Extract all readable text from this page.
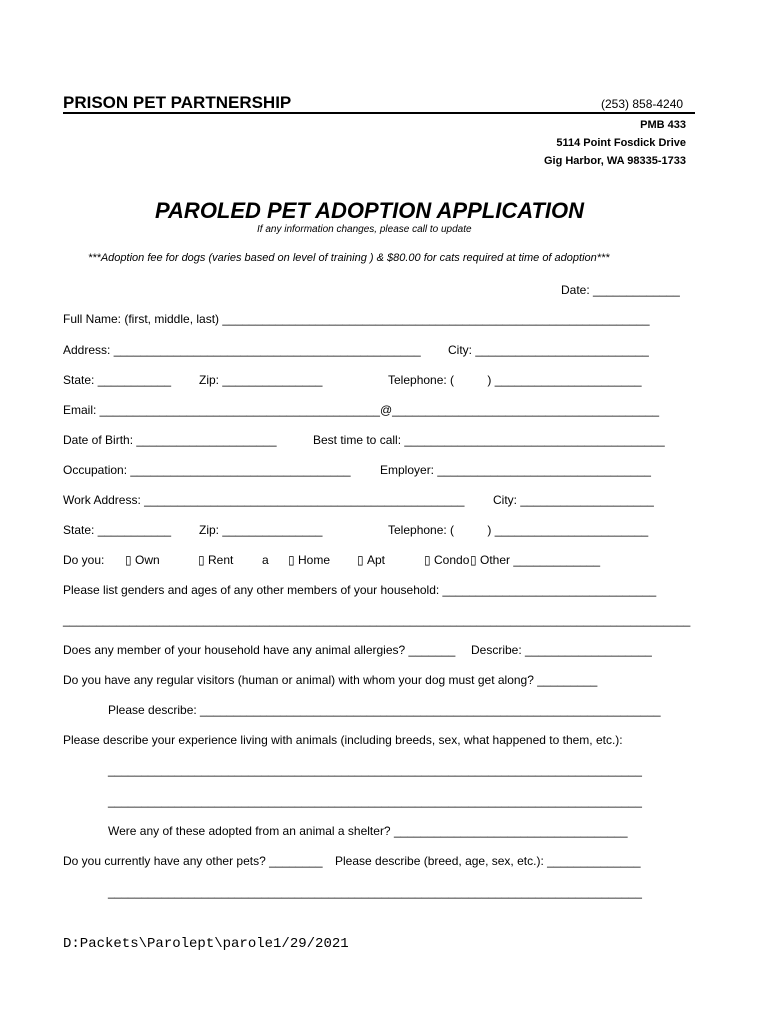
PRISON PET PARTNERSHIP	(253) 858-4240
PMB 433
5114 Point Fosdick Drive
Gig Harbor, WA 98335-1733
PAROLED PET ADOPTION APPLICATION
If any information changes, please call to update
***Adoption fee for dogs (varies based on level of training ) & $80.00 for cats required at time of adoption***
Date: _____________
Full Name: (first, middle, last) ________________________________________________________________
Address: ______________________________________________ City: __________________________
State: ___________ Zip: _______________	Telephone: (          ) ______________________
Email: __________________________________________@________________________________________
Date of Birth: _____________________	Best time to call: _______________________________________
Occupation: _________________________________ Employer: ________________________________
Work Address: ________________________________________________ City: ____________________
State: ___________ Zip: _______________	Telephone: (          ) _______________________
Do you: ▯ Own	▯ Rent a ▯ Home ▯ Apt	▯ Condo ▯ Other _____________
Please list genders and ages of any other members of your household: ________________________________
______________________________________________________________________________________________
Does any member of your household have any animal allergies? _______ Describe: ___________________
Do you have any regular visitors (human or animal) with whom your dog must get along? _________
Please describe: _____________________________________________________________________
Please describe your experience living with animals (including breeds, sex, what happened to them, etc.):
________________________________________________________________________________
________________________________________________________________________________
Were any of these adopted from an animal a shelter? ___________________________________
Do you currently have any other pets? ________ Please describe (breed, age, sex, etc.): ______________
________________________________________________________________________________
D:Packets\Parolept\parole1/29/2021
